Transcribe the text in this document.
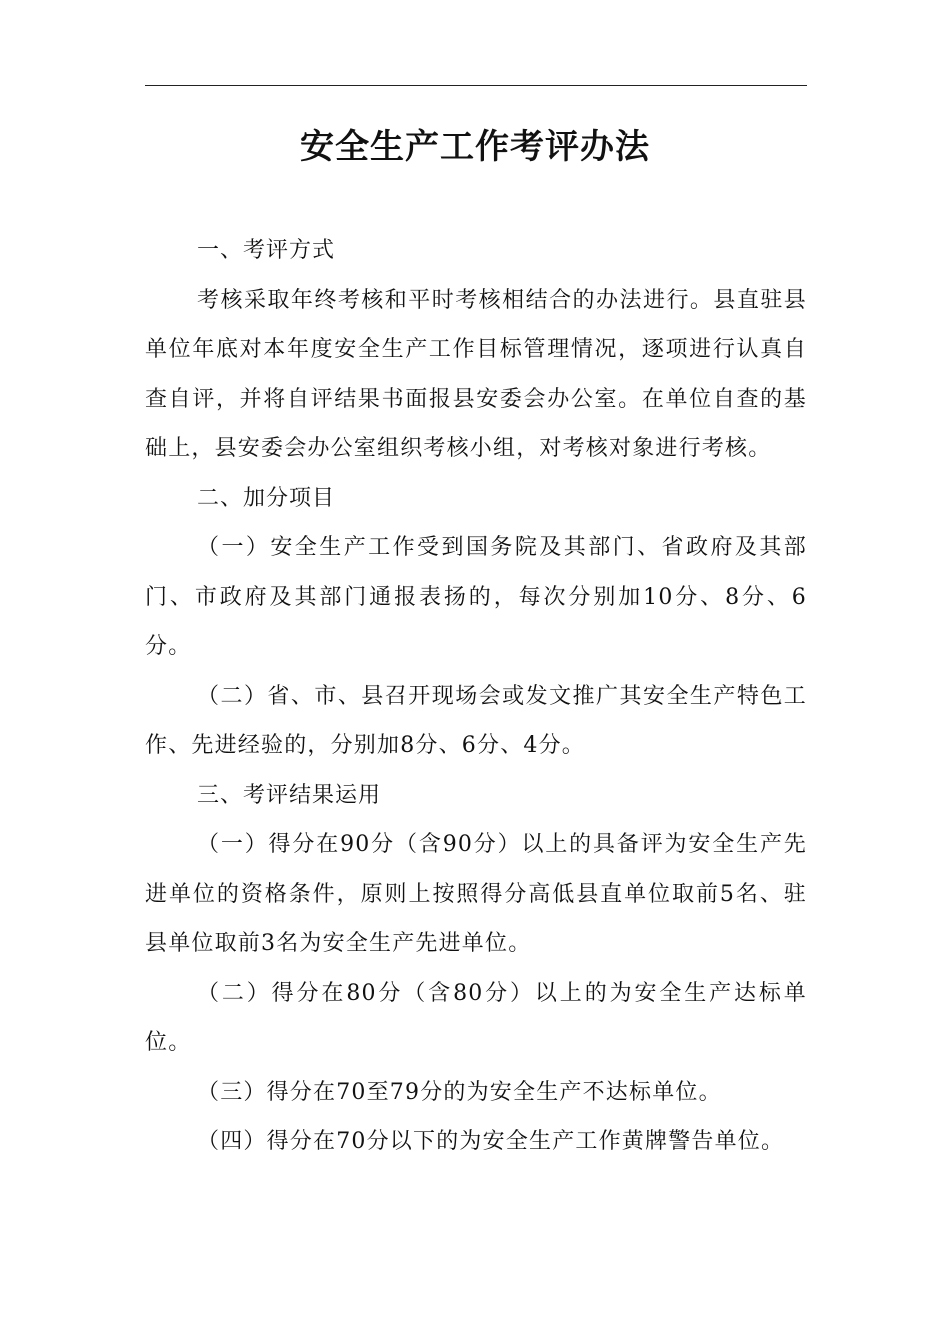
安全生产工作考评办法
一、考评方式

考核采取年终考核和平时考核相结合的办法进行。县直驻县单位年底对本年度安全生产工作目标管理情况，逐项进行认真自查自评，并将自评结果书面报县安委会办公室。在单位自查的基础上，县安委会办公室组织考核小组，对考核对象进行考核。

二、加分项目

（一）安全生产工作受到国务院及其部门、省政府及其部门、市政府及其部门通报表扬的，每次分别加10分、8分、6分。

（二）省、市、县召开现场会或发文推广其安全生产特色工作、先进经验的，分别加8分、6分、4分。

三、考评结果运用

（一）得分在90分（含90分）以上的具备评为安全生产先进单位的资格条件，原则上按照得分高低县直单位取前5名、驻县单位取前3名为安全生产先进单位。

（二）得分在80分（含80分）以上的为安全生产达标单位。

（三）得分在70至79分的为安全生产不达标单位。

（四）得分在70分以下的为安全生产工作黄牌警告单位。
